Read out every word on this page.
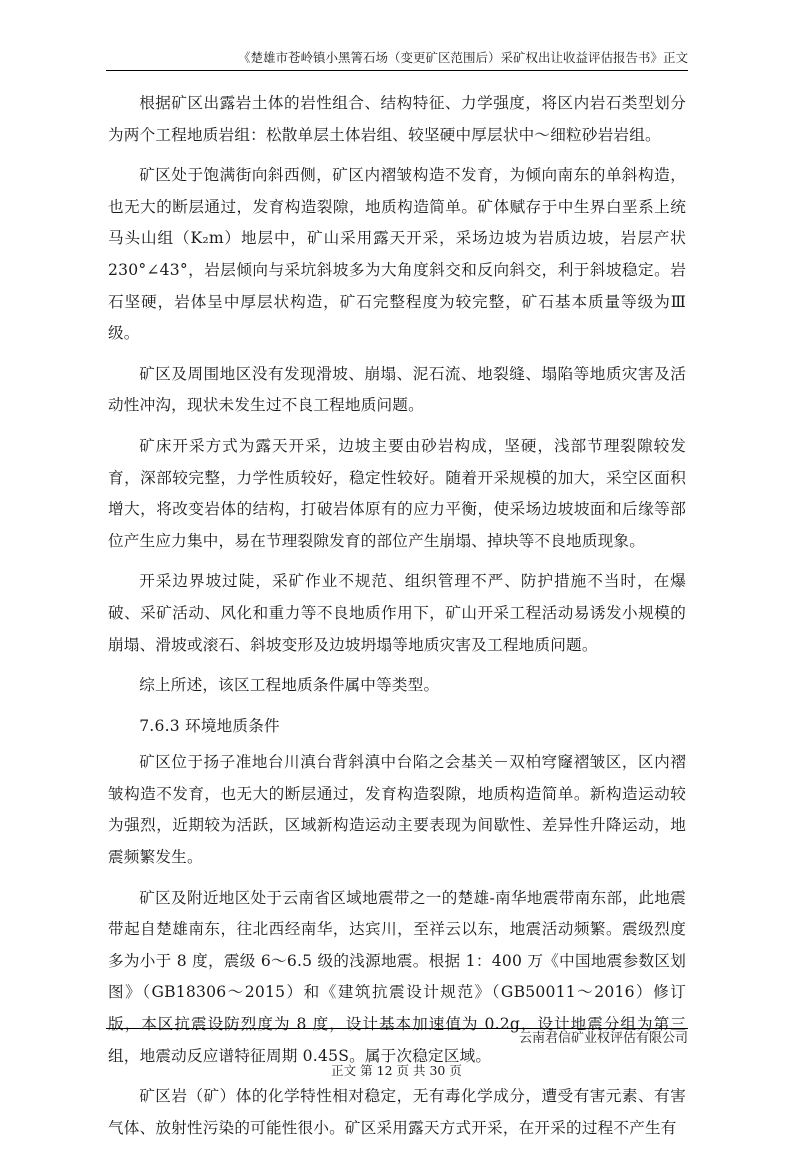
《楚雄市苍岭镇小黑箐石场（变更矿区范围后）采矿权出让收益评估报告书》正文

根据矿区出露岩土体的岩性组合、结构特征、力学强度，将区内岩石类型划分为两个工程地质岩组：松散单层土体岩组、较坚硬中厚层状中～细粒砂岩岩组。

矿区处于饱满街向斜西侧，矿区内褶皱构造不发育，为倾向南东的单斜构造，也无大的断层通过，发育构造裂隙，地质构造简单。矿体赋存于中生界白垩系上统马头山组（K₂m）地层中，矿山采用露天开采，采场边坡为岩质边坡，岩层产状230°∠43°，岩层倾向与采坑斜坡多为大角度斜交和反向斜交，利于斜坡稳定。岩石坚硬，岩体呈中厚层状构造，矿石完整程度为较完整，矿石基本质量等级为Ⅲ级。

矿区及周围地区没有发现滑坡、崩塌、泥石流、地裂缝、塌陷等地质灾害及活动性冲沟，现状未发生过不良工程地质问题。

矿床开采方式为露天开采，边坡主要由砂岩构成，坚硬，浅部节理裂隙较发育，深部较完整，力学性质较好，稳定性较好。随着开采规模的加大，采空区面积增大，将改变岩体的结构，打破岩体原有的应力平衡，使采场边坡坡面和后缘等部位产生应力集中，易在节理裂隙发育的部位产生崩塌、掉块等不良地质现象。

开采边界坡过陡，采矿作业不规范、组织管理不严、防护措施不当时，在爆破、采矿活动、风化和重力等不良地质作用下，矿山开采工程活动易诱发小规模的崩塌、滑坡或滚石、斜坡变形及边坡坍塌等地质灾害及工程地质问题。

综上所述，该区工程地质条件属中等类型。

7.6.3 环境地质条件

矿区位于扬子准地台川滇台背斜滇中台陷之会基关－双柏穹窿褶皱区，区内褶皱构造不发育，也无大的断层通过，发育构造裂隙，地质构造简单。新构造运动较为强烈，近期较为活跃，区域新构造运动主要表现为间歇性、差异性升降运动，地震频繁发生。

矿区及附近地区处于云南省区域地震带之一的楚雄-南华地震带南东部，此地震带起自楚雄南东，往北西经南华，达宾川，至祥云以东，地震活动频繁。震级烈度多为小于 8 度，震级 6～6.5 级的浅源地震。根据 1：400 万《中国地震参数区划图》（GB18306～2015）和《建筑抗震设计规范》（GB50011～2016）修订版，本区抗震设防烈度为 8 度，设计基本加速值为 0.2g，设计地震分组为第三组，地震动反应谱特征周期 0.45S。属于次稳定区域。

矿区岩（矿）体的化学特性相对稳定，无有毒化学成分，遭受有害元素、有害气体、放射性污染的可能性很小。矿区采用露天方式开采，在开采的过程不产生有

云南君信矿业权评估有限公司
正文 第 12 页 共 30 页
